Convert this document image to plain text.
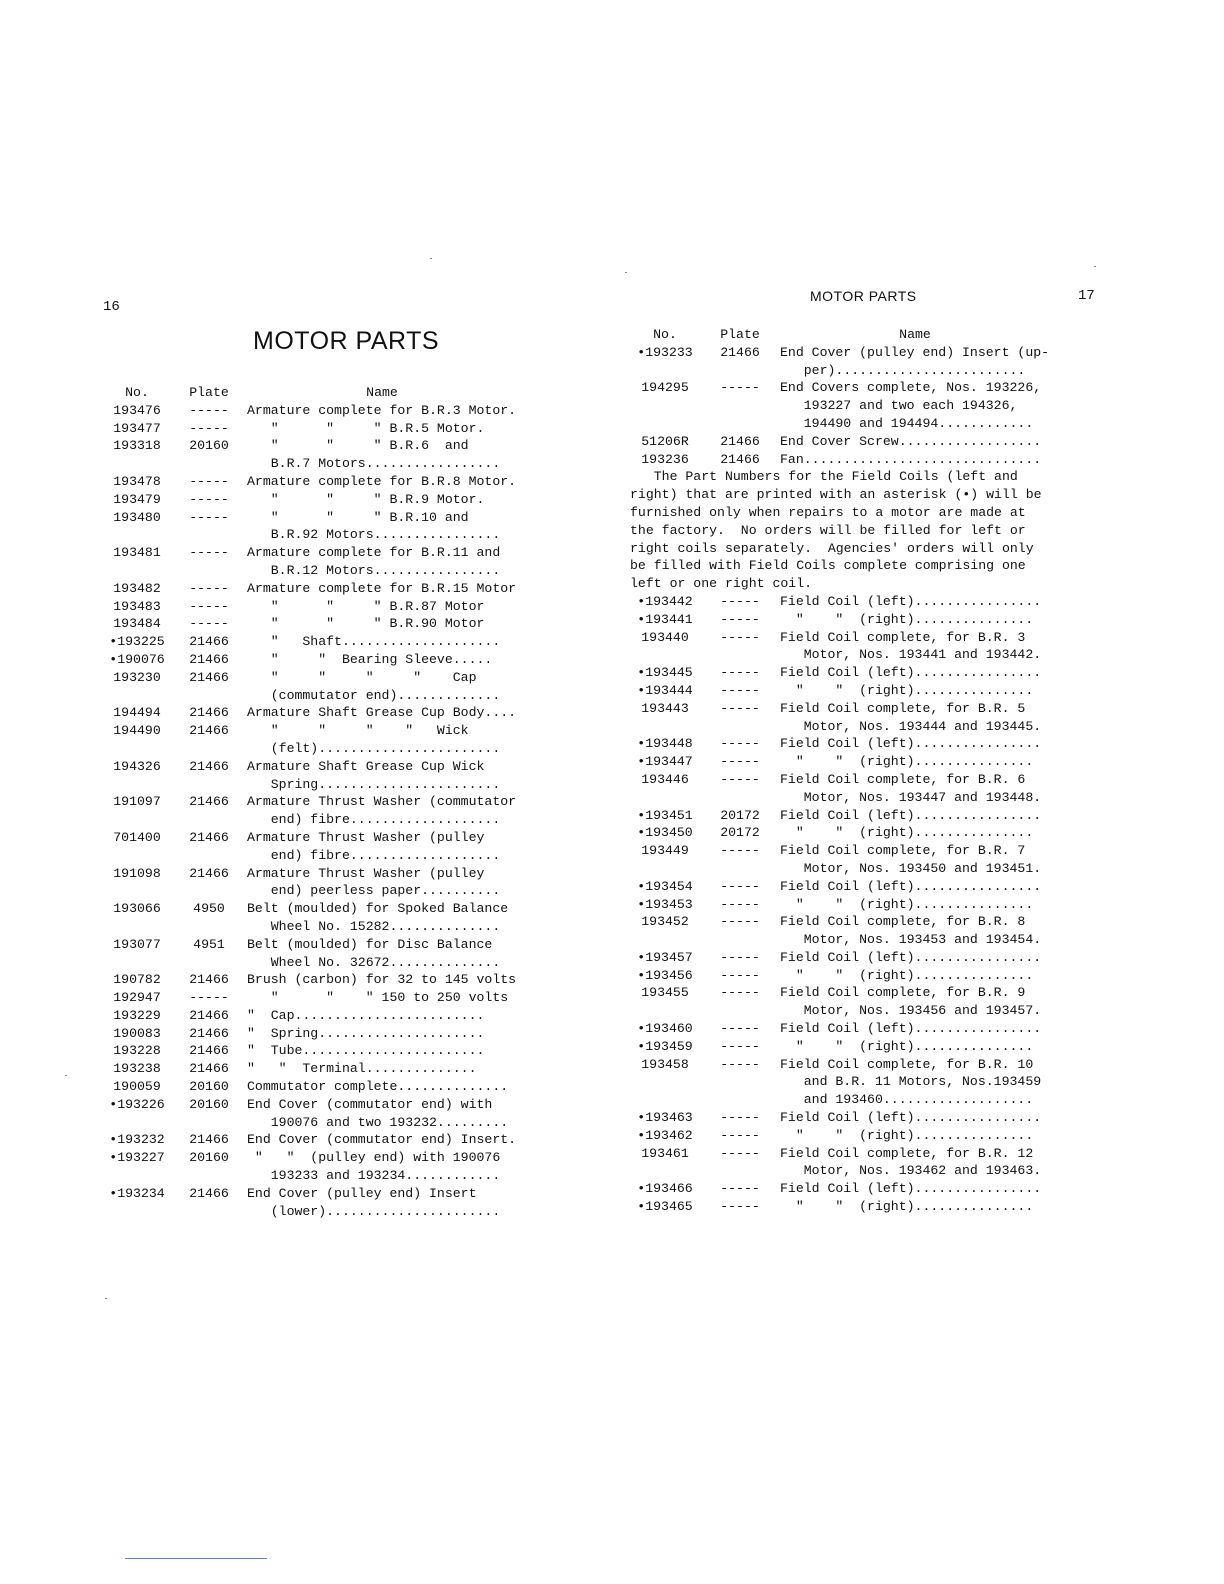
16
MOTOR PARTS
No.	Plate	Name
193476	-----	Armature complete for B.R.3 Motor.
193477	-----	"      "     " B.R.5 Motor.
193318	20160	"      "     " B.R.6  and
B.R.7 Motors.................
193478	-----	Armature complete for B.R.8 Motor.
193479	-----	"      "     " B.R.9 Motor.
193480	-----	"      "     " B.R.10 and
B.R.92 Motors................
193481	-----	Armature complete for B.R.11 and
B.R.12 Motors................
193482	-----	Armature complete for B.R.15 Motor
193483	-----	"      "     " B.R.87 Motor
193484	-----	"      "     " B.R.90 Motor
•193225	21466	"   Shaft....................
•190076	21466	"     "  Bearing Sleeve.....
193230	21466	"     "     "     "    Cap
(commutator end).............
194494	21466	Armature Shaft Grease Cup Body....
194490	21466	"     "     "    "   Wick
(felt).......................
194326	21466	Armature Shaft Grease Cup Wick
Spring.......................
191097	21466	Armature Thrust Washer (commutator
end) fibre...................
701400	21466	Armature Thrust Washer (pulley
end) fibre...................
191098	21466	Armature Thrust Washer (pulley
end) peerless paper..........
193066	4950	Belt (moulded) for Spoked Balance
Wheel No. 15282..............
193077	4951	Belt (moulded) for Disc Balance
Wheel No. 32672..............
190782	21466	Brush (carbon) for 32 to 145 volts
192947	-----	"      "    " 150 to 250 volts
193229	21466	"  Cap........................
190083	21466	"  Spring.....................
193228	21466	"  Tube.......................
193238	21466	"   "  Terminal..............
190059	20160	Commutator complete..............
•193226	20160	End Cover (commutator end) with
190076 and two 193232.........
•193232	21466	End Cover (commutator end) Insert.
•193227	20160	"   "  (pulley end) with 190076
193233 and 193234............
•193234	21466	End Cover (pulley end) Insert
(lower)......................
MOTOR PARTS	17
No.	Plate	Name
•193233	21466	End Cover (pulley end) Insert (up-
per)........................
194295	-----	End Covers complete, Nos. 193226,
193227 and two each 194326,
194490 and 194494............
51206R	21466	End Cover Screw..................
193236	21466	Fan..............................
The Part Numbers for the Field Coils (left and
right) that are printed with an asterisk (•) will be
furnished only when repairs to a motor are made at
the factory.  No orders will be filled for left or
right coils separately.  Agencies' orders will only
be filled with Field Coils complete comprising one
left or one right coil.
•193442	-----	Field Coil (left)................
•193441	-----	"    "  (right)...............
193440	-----	Field Coil complete, for B.R. 3
Motor, Nos. 193441 and 193442.
•193445	-----	Field Coil (left)................
•193444	-----	"    "  (right)...............
193443	-----	Field Coil complete, for B.R. 5
Motor, Nos. 193444 and 193445.
•193448	-----	Field Coil (left)................
•193447	-----	"    "  (right)...............
193446	-----	Field Coil complete, for B.R. 6
Motor, Nos. 193447 and 193448.
•193451	20172	Field Coil (left)................
•193450	20172	"    "  (right)...............
193449	-----	Field Coil complete, for B.R. 7
Motor, Nos. 193450 and 193451.
•193454	-----	Field Coil (left)................
•193453	-----	"    "  (right)...............
193452	-----	Field Coil complete, for B.R. 8
Motor, Nos. 193453 and 193454.
•193457	-----	Field Coil (left)................
•193456	-----	"    "  (right)...............
193455	-----	Field Coil complete, for B.R. 9
Motor, Nos. 193456 and 193457.
•193460	-----	Field Coil (left)................
•193459	-----	"    "  (right)...............
193458	-----	Field Coil complete, for B.R. 10
and B.R. 11 Motors, Nos.193459
and 193460...................
•193463	-----	Field Coil (left)................
•193462	-----	"    "  (right)...............
193461	-----	Field Coil complete, for B.R. 12
Motor, Nos. 193462 and 193463.
•193466	-----	Field Coil (left)................
•193465	-----	"    "  (right)...............
